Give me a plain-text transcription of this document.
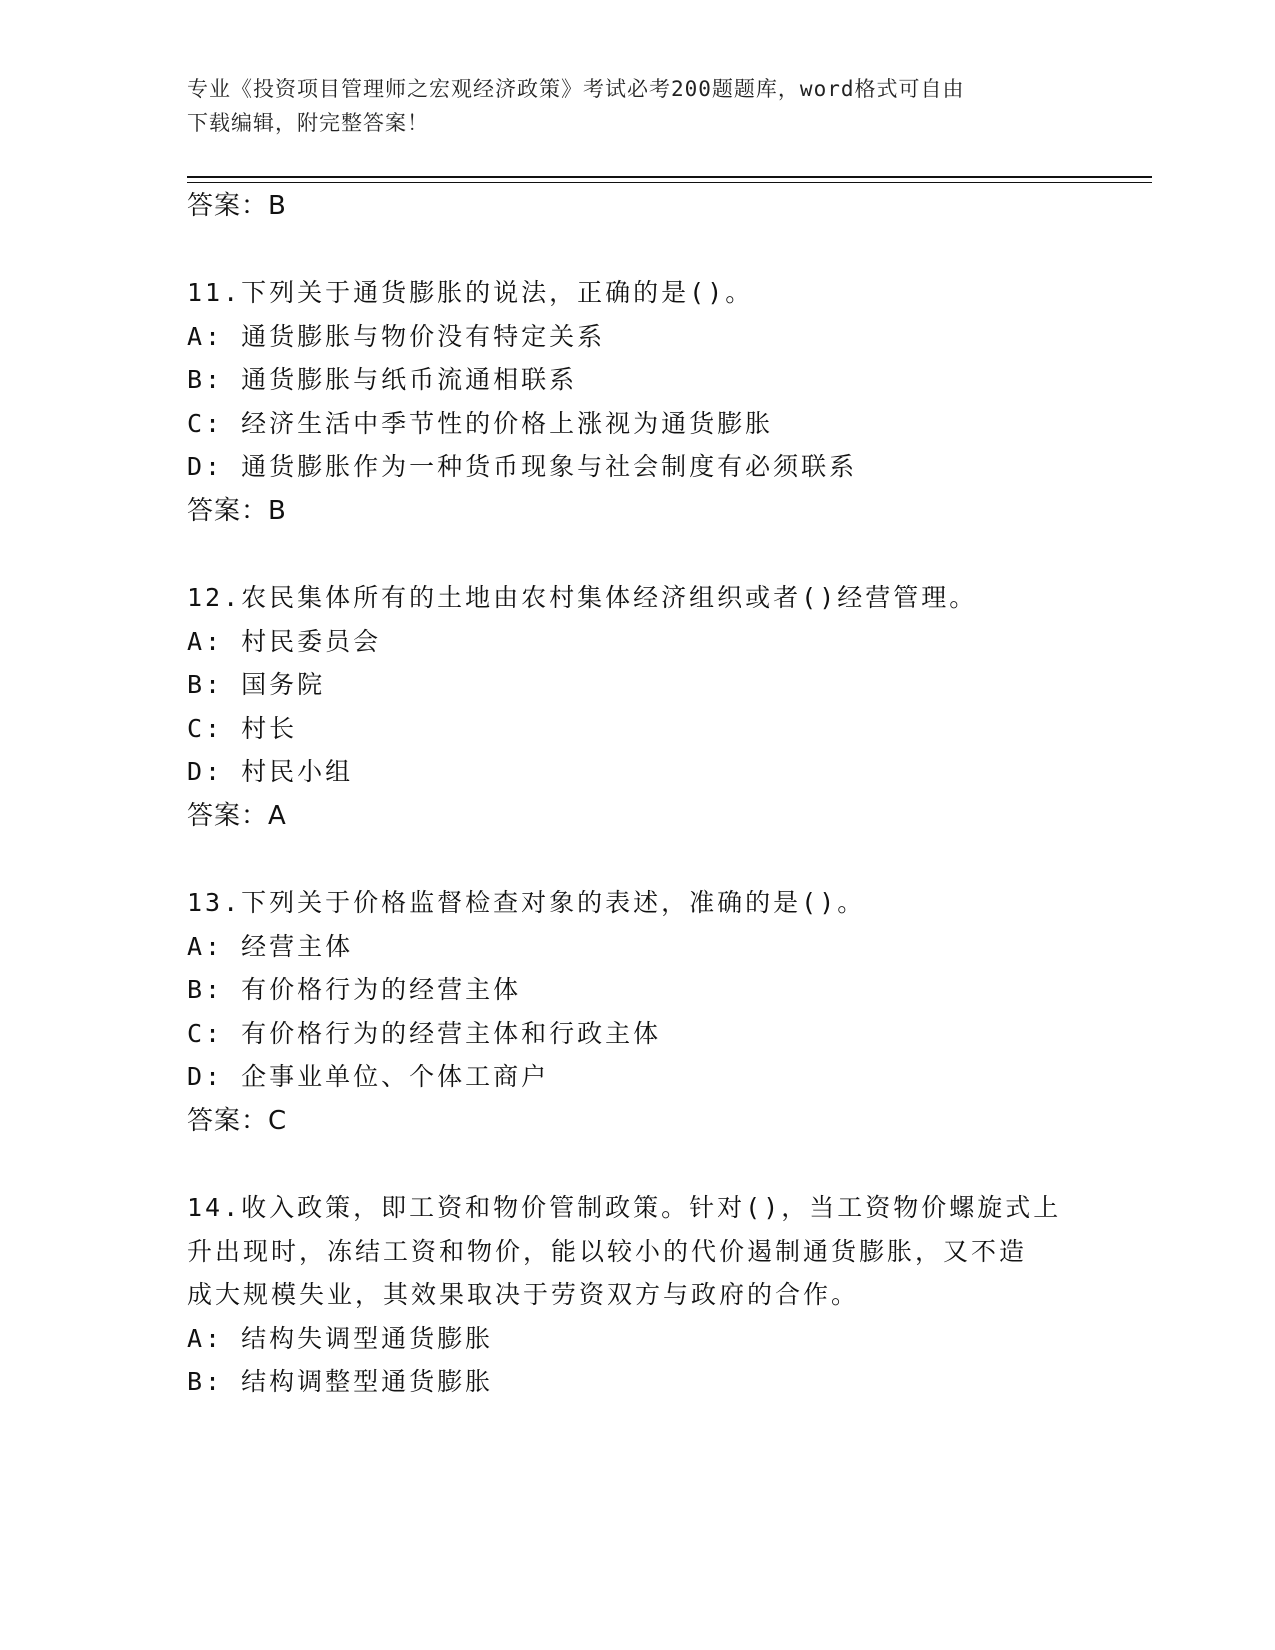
专业《投资项目管理师之宏观经济政策》考试必考200题题库，word格式可自由
下载编辑，附完整答案！
答案：B
11.下列关于通货膨胀的说法，正确的是()。
A: 通货膨胀与物价没有特定关系
B: 通货膨胀与纸币流通相联系
C: 经济生活中季节性的价格上涨视为通货膨胀
D: 通货膨胀作为一种货币现象与社会制度有必须联系
答案：B
12.农民集体所有的土地由农村集体经济组织或者()经营管理。
A: 村民委员会
B: 国务院
C: 村长
D: 村民小组
答案：A
13.下列关于价格监督检查对象的表述，准确的是()。
A: 经营主体
B: 有价格行为的经营主体
C: 有价格行为的经营主体和行政主体
D: 企事业单位、个体工商户
答案：C
14.收入政策，即工资和物价管制政策。针对()，当工资物价螺旋式上
升出现时，冻结工资和物价，能以较小的代价遏制通货膨胀，又不造
成大规模失业，其效果取决于劳资双方与政府的合作。
A: 结构失调型通货膨胀
B: 结构调整型通货膨胀
